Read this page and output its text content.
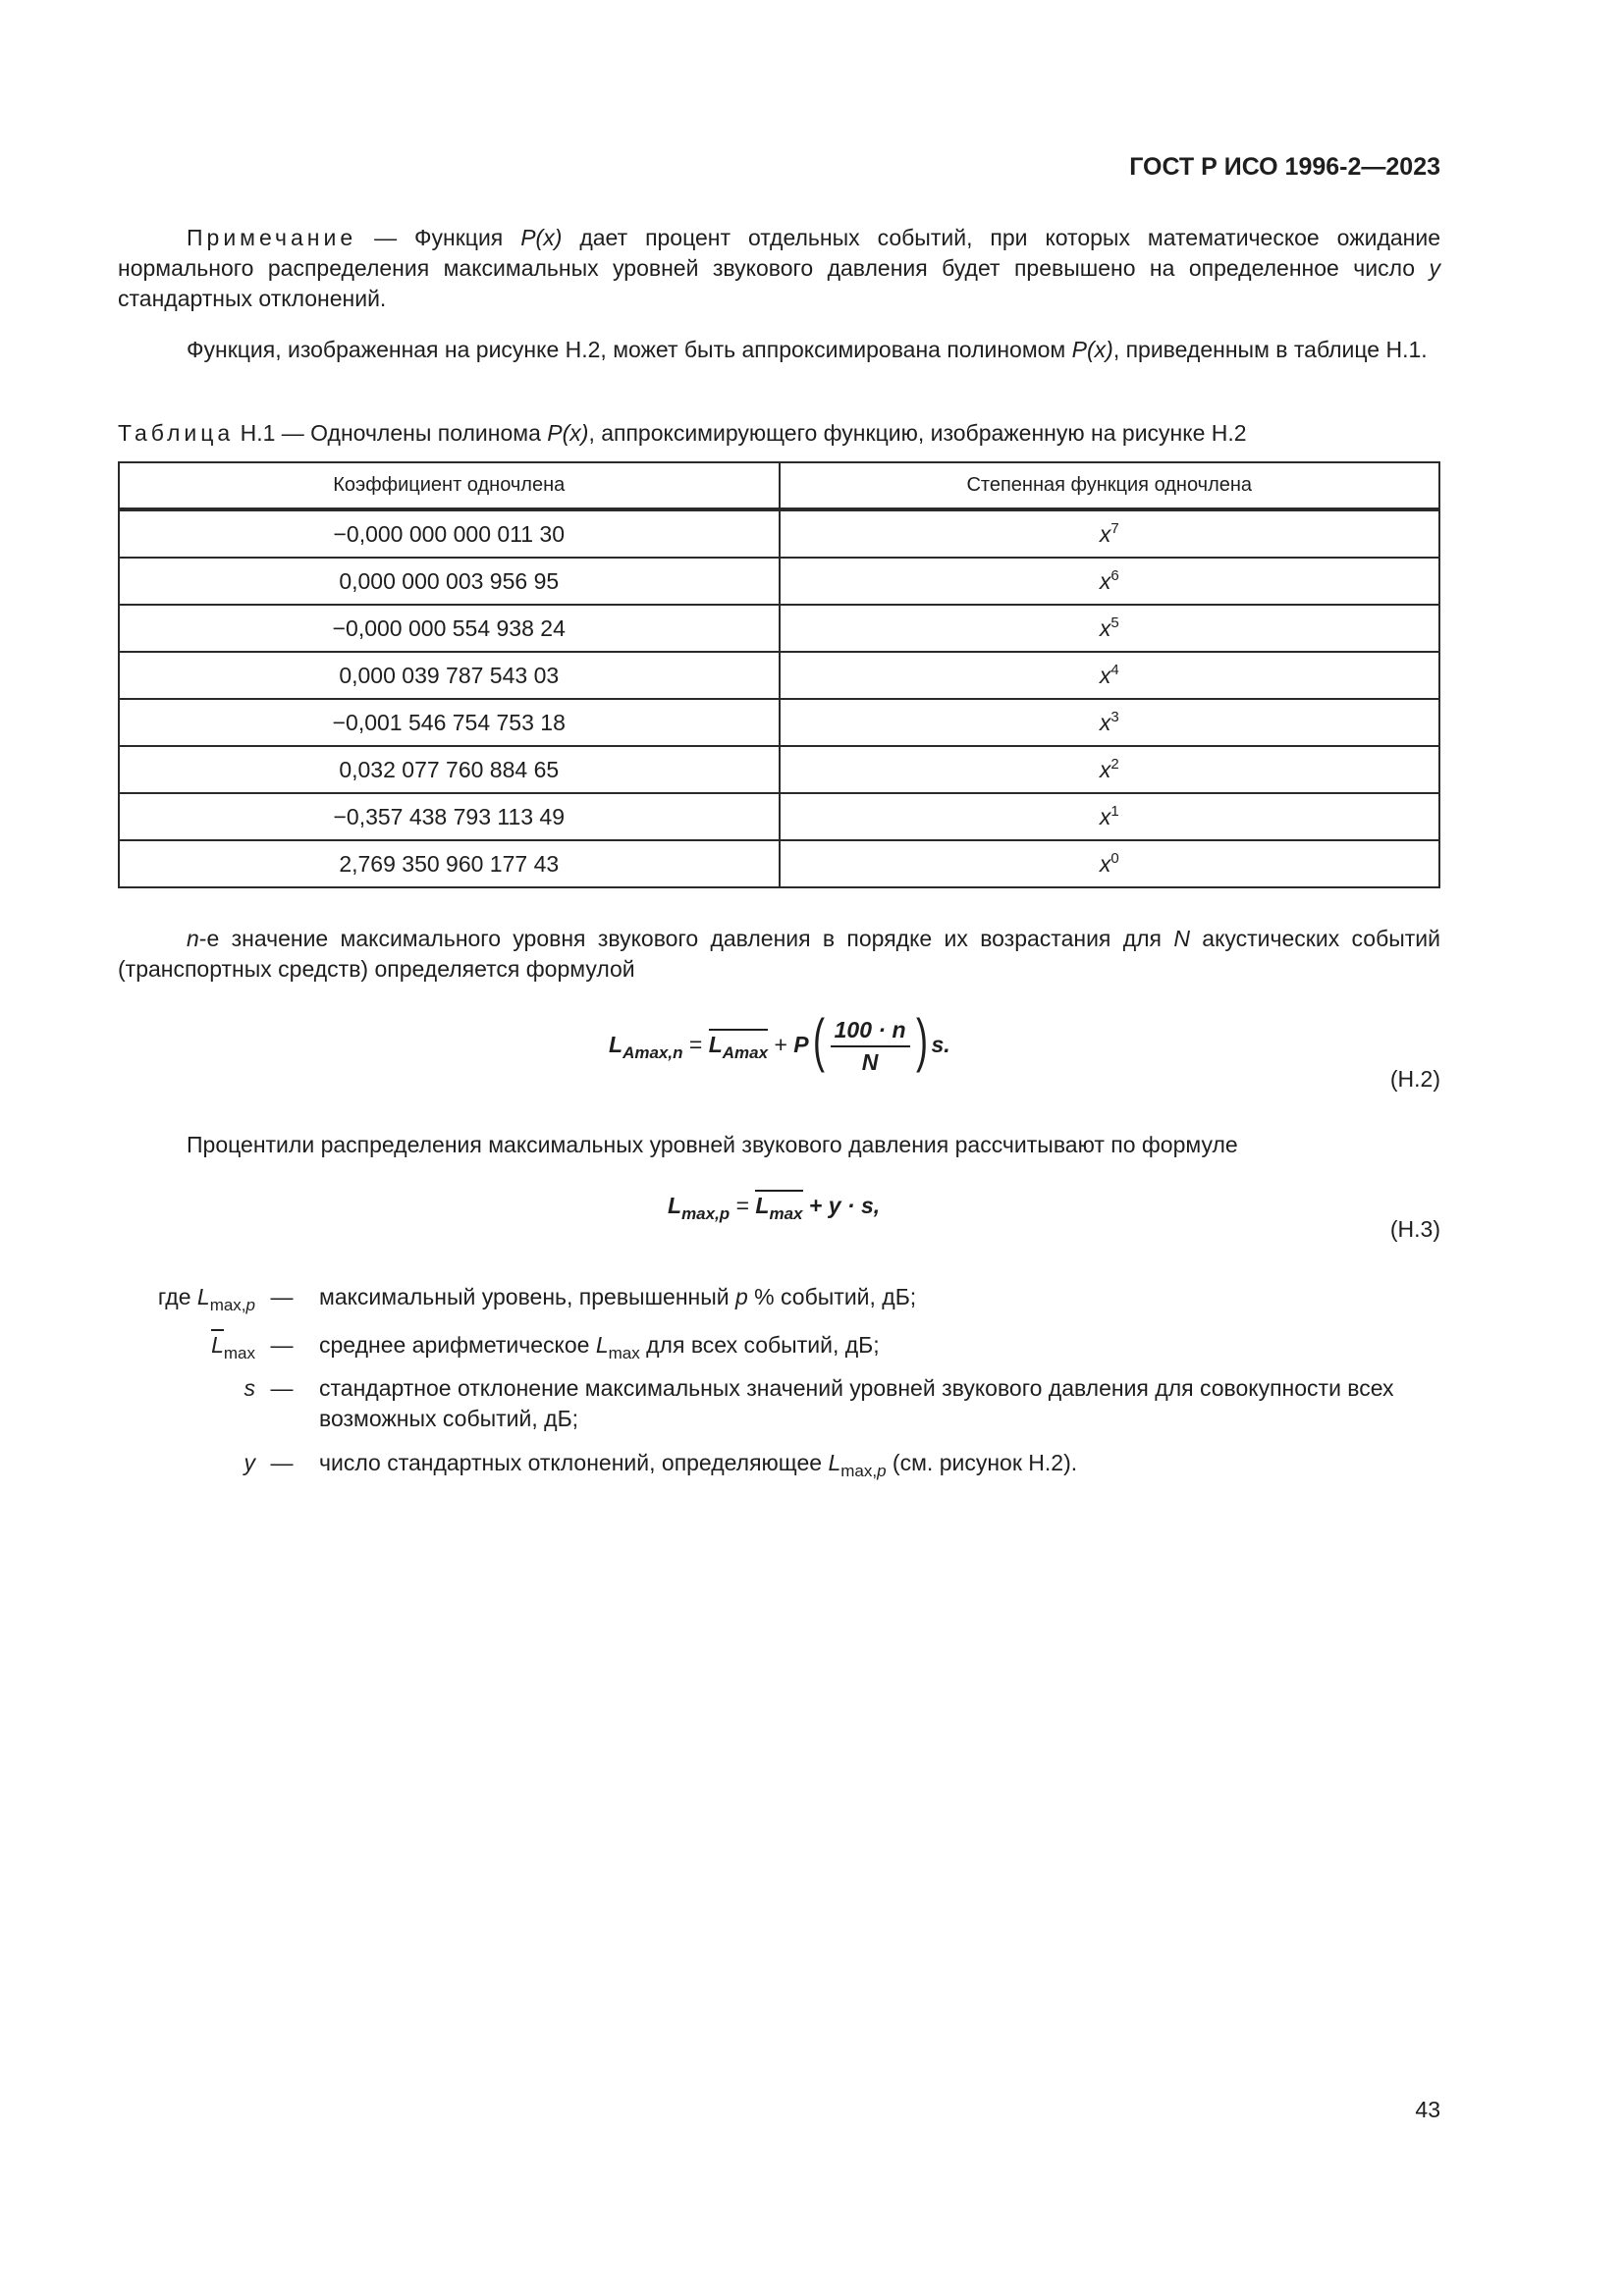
ГОСТ Р ИСО 1996-2—2023
Примечание — Функция P(x) дает процент отдельных событий, при которых математическое ожидание нормального распределения максимальных уровней звукового давления будет превышено на определенное число y стандартных отклонений.
Функция, изображенная на рисунке Н.2, может быть аппроксимирована полиномом P(x), приведенным в таблице Н.1.
Таблица Н.1 — Одночлены полинома P(x), аппроксимирующего функцию, изображенную на рисунке Н.2
Коэффициент одночлена	Степенная функция одночлена
−0,000 000 000 011 30	$x^7$
0,000 000 003 956 95	$x^6$
−0,000 000 554 938 24	$x^5$
0,000 039 787 543 03	$x^4$
−0,001 546 754 753 18	$x^3$
0,032 077 760 884 65	$x^2$
−0,357 438 793 113 49	$x^1$
2,769 350 960 177 43	$x^0$
n-е значение максимального уровня звукового давления в порядке их возрастания для N акустических событий (транспортных средств) определяется формулой
$L_{Amax,n} = L_{Amax} + P( \frac{100 \cdot n}{N}$ ) s.
(Н.2)
Процентили распределения максимальных уровней звукового давления рассчитывают по формуле
$L_{max,p} = L_{max} + y \cdot s$,
(Н.3)
где $L_{max,p}$ — максимальный уровень, превышенный p % событий, дБ;
$L_{max}$ — среднее арифметическое $L_{max}$ для всех событий, дБ;
s — стандартное отклонение максимальных значений уровней звукового давления для совокупности всех возможных событий, дБ;
y — число стандартных отклонений, определяющее $L_{max,p}$ (см. рисунок Н.2).
43
